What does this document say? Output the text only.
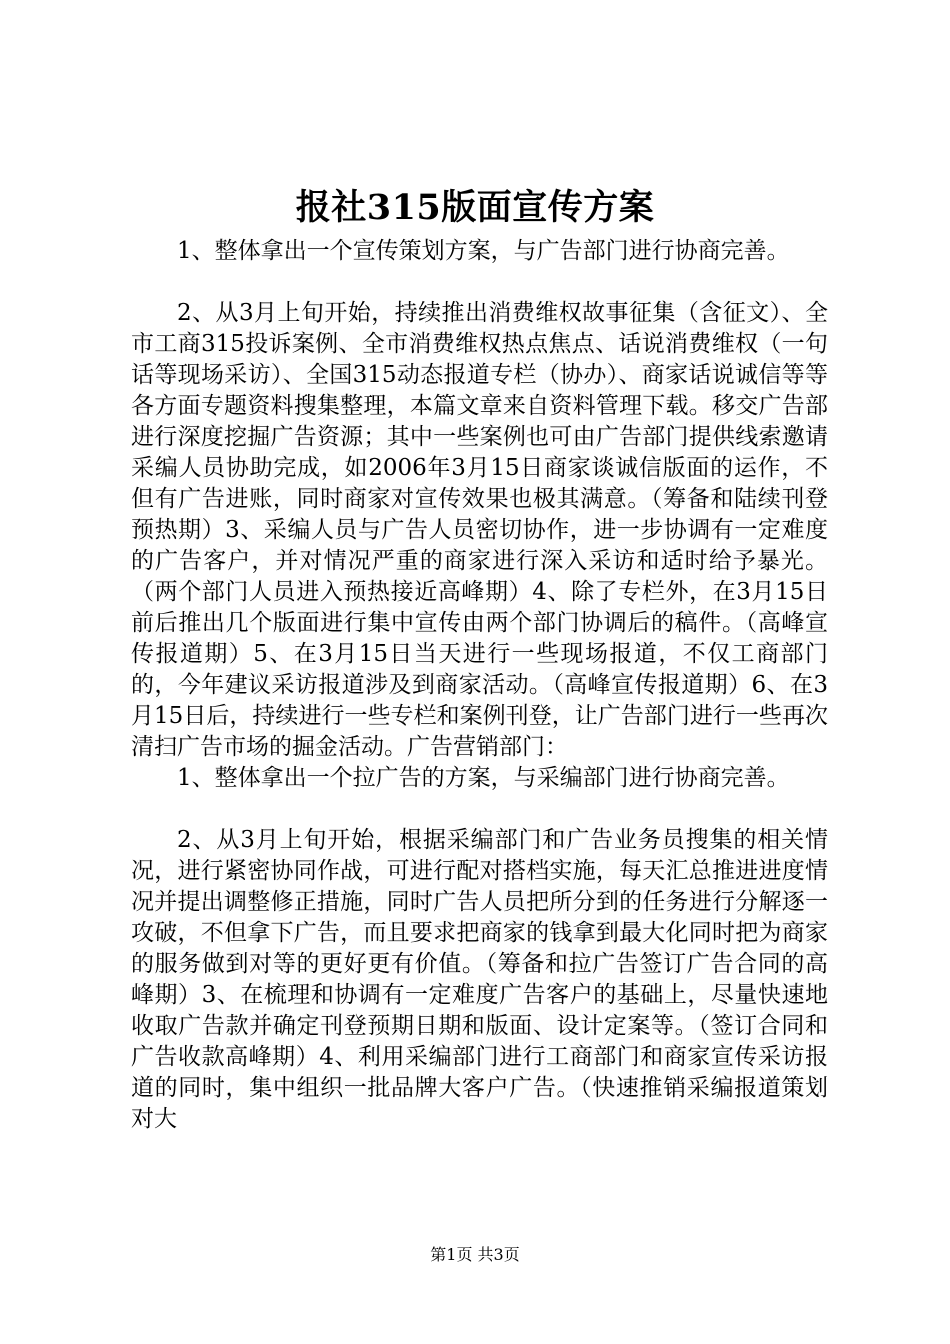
报社315版面宣传方案

1、整体拿出一个宣传策划方案，与广告部门进行协商完善。

2、从3月上旬开始，持续推出消费维权故事征集（含征文）、全市工商315投诉案例、全市消费维权热点焦点、话说消费维权（一句话等现场采访）、全国315动态报道专栏（协办）、商家话说诚信等等各方面专题资料搜集整理，本篇文章来自资料管理下载。移交广告部进行深度挖掘广告资源；其中一些案例也可由广告部门提供线索邀请采编人员协助完成，如2006年3月15日商家谈诚信版面的运作，不但有广告进账，同时商家对宣传效果也极其满意。（筹备和陆续刊登预热期）3、采编人员与广告人员密切协作，进一步协调有一定难度的广告客户，并对情况严重的商家进行深入采访和适时给予暴光。（两个部门人员进入预热接近高峰期）4、除了专栏外，在3月15日前后推出几个版面进行集中宣传由两个部门协调后的稿件。（高峰宣传报道期）5、在3月15日当天进行一些现场报道，不仅工商部门的，今年建议采访报道涉及到商家活动。（高峰宣传报道期）6、在3月15日后，持续进行一些专栏和案例刊登，让广告部门进行一些再次清扫广告市场的掘金活动。广告营销部门：

1、整体拿出一个拉广告的方案，与采编部门进行协商完善。

2、从3月上旬开始，根据采编部门和广告业务员搜集的相关情况，进行紧密协同作战，可进行配对搭档实施，每天汇总推进进度情况并提出调整修正措施，同时广告人员把所分到的任务进行分解逐一攻破，不但拿下广告，而且要求把商家的钱拿到最大化同时把为商家的服务做到对等的更好更有价值。（筹备和拉广告签订广告合同的高峰期）3、在梳理和协调有一定难度广告客户的基础上，尽量快速地收取广告款并确定刊登预期日期和版面、设计定案等。（签订合同和广告收款高峰期）4、利用采编部门进行工商部门和商家宣传采访报道的同时，集中组织一批品牌大客户广告。（快速推销采编报道策划对大

第1页 共3页
